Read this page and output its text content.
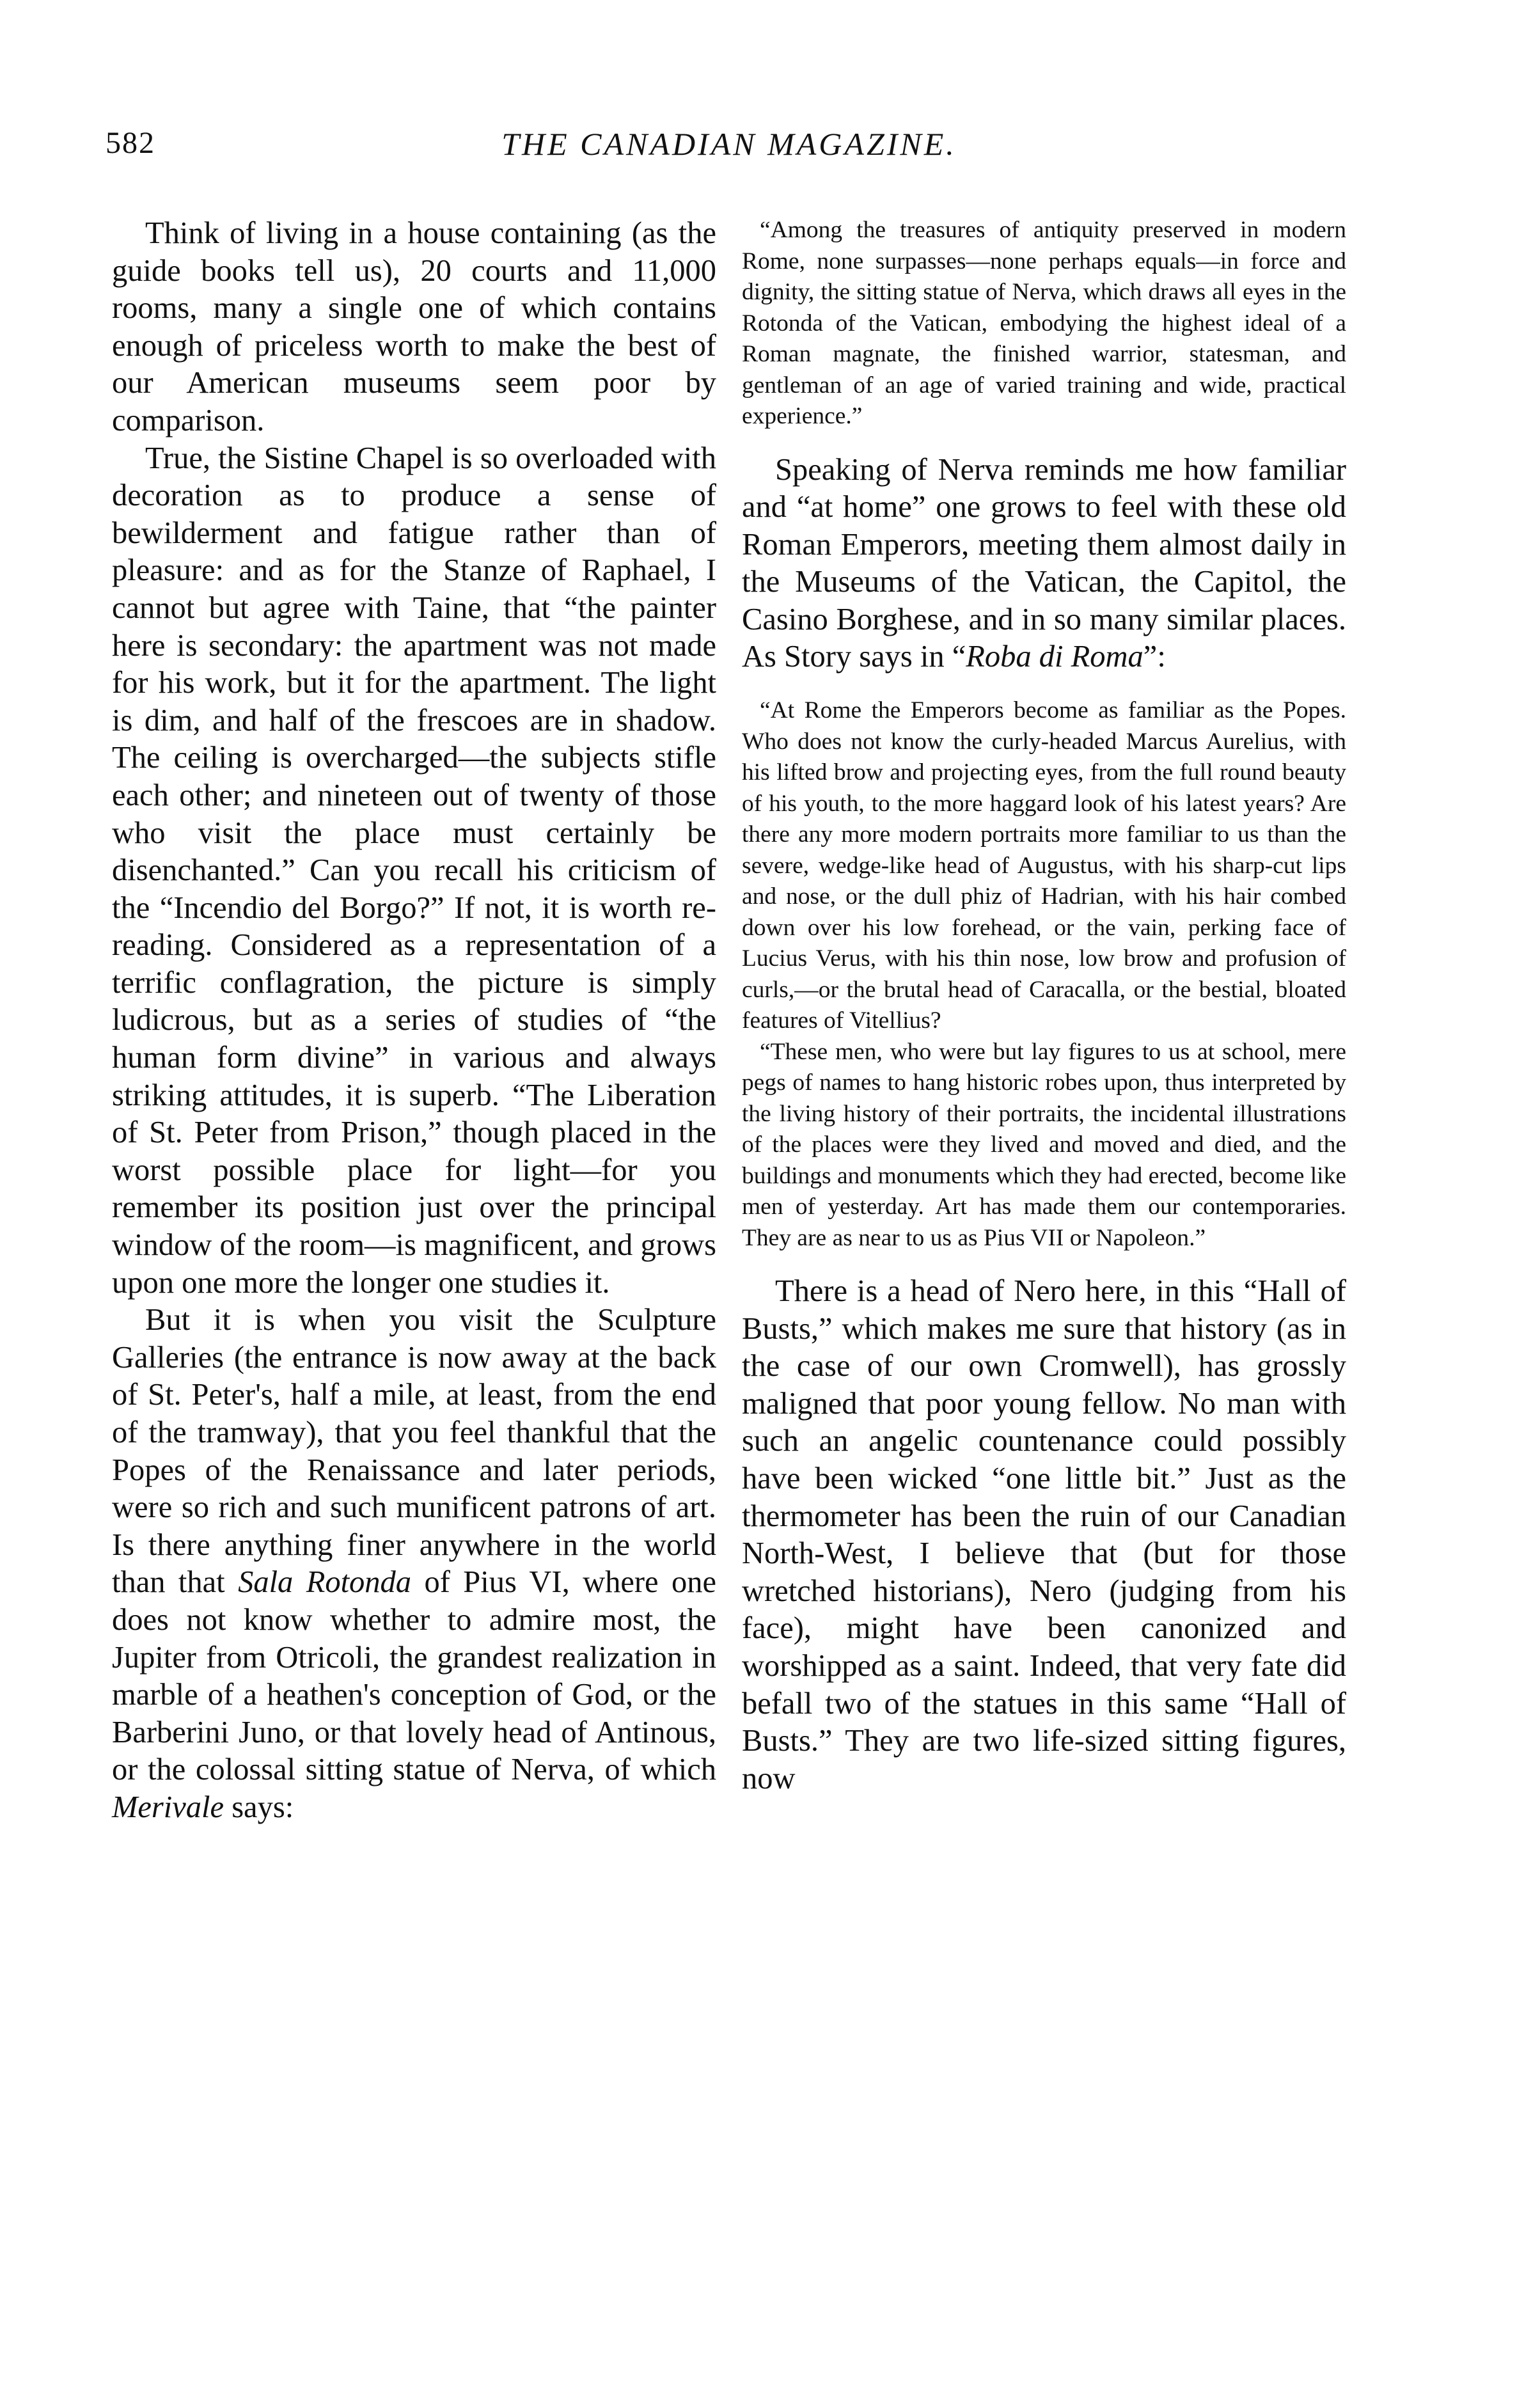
582	THE CANADIAN MAGAZINE.

Think of living in a house containing (as the guide books tell us), 20 courts and 11,000 rooms, many a single one of which contains enough of priceless worth to make the best of our American museums seem poor by comparison.

True, the Sistine Chapel is so overloaded with decoration as to produce a sense of bewilderment and fatigue rather than of pleasure: and as for the Stanze of Raphael, I cannot but agree with Taine, that “the painter here is secondary: the apartment was not made for his work, but it for the apartment. The light is dim, and half of the frescoes are in shadow. The ceiling is overcharged—the subjects stifle each other; and nineteen out of twenty of those who visit the place must certainly be disenchanted.” Can you recall his criticism of the “Incendio del Borgo?” If not, it is worth re-reading. Considered as a representation of a terrific conflagration, the picture is simply ludicrous, but as a series of studies of “the human form divine” in various and always striking attitudes, it is superb. “The Liberation of St. Peter from Prison,” though placed in the worst possible place for light—for you remember its position just over the principal window of the room—is magnificent, and grows upon one more the longer one studies it.

But it is when you visit the Sculpture Galleries (the entrance is now away at the back of St. Peter's, half a mile, at least, from the end of the tramway), that you feel thankful that the Popes of the Renaissance and later periods, were so rich and such munificent patrons of art. Is there anything finer anywhere in the world than that Sala Rotonda of Pius VI, where one does not know whether to admire most, the Jupiter from Otricoli, the grandest realization in marble of a heathen's conception of God, or the Barberini Juno, or that lovely head of Antinous, or the colossal sitting statue of Nerva, of which Merivale says:

“Among the treasures of antiquity preserved in modern Rome, none surpasses—none perhaps equals—in force and dignity, the sitting statue of Nerva, which draws all eyes in the Rotonda of the Vatican, embodying the highest ideal of a Roman magnate, the finished warrior, statesman, and gentleman of an age of varied training and wide, practical experience.”

Speaking of Nerva reminds me how familiar and “at home” one grows to feel with these old Roman Emperors, meeting them almost daily in the Museums of the Vatican, the Capitol, the Casino Borghese, and in so many similar places. As Story says in “Roba di Roma”:

“At Rome the Emperors become as familiar as the Popes. Who does not know the curly-headed Marcus Aurelius, with his lifted brow and projecting eyes, from the full round beauty of his youth, to the more haggard look of his latest years? Are there any more modern portraits more familiar to us than the severe, wedge-like head of Augustus, with his sharp-cut lips and nose, or the dull phiz of Hadrian, with his hair combed down over his low forehead, or the vain, perking face of Lucius Verus, with his thin nose, low brow and profusion of curls,—or the brutal head of Caracalla, or the bestial, bloated features of Vitellius?

“These men, who were but lay figures to us at school, mere pegs of names to hang historic robes upon, thus interpreted by the living history of their portraits, the incidental illustrations of the places were they lived and moved and died, and the buildings and monuments which they had erected, become like men of yesterday. Art has made them our contemporaries. They are as near to us as Pius VII or Napoleon.”

There is a head of Nero here, in this “Hall of Busts,” which makes me sure that history (as in the case of our own Cromwell), has grossly maligned that poor young fellow. No man with such an angelic countenance could possibly have been wicked “one little bit.” Just as the thermometer has been the ruin of our Canadian North-West, I believe that (but for those wretched historians), Nero (judging from his face), might have been canonized and worshipped as a saint. Indeed, that very fate did befall two of the statues in this same “Hall of Busts.” They are two life-sized sitting figures, now
